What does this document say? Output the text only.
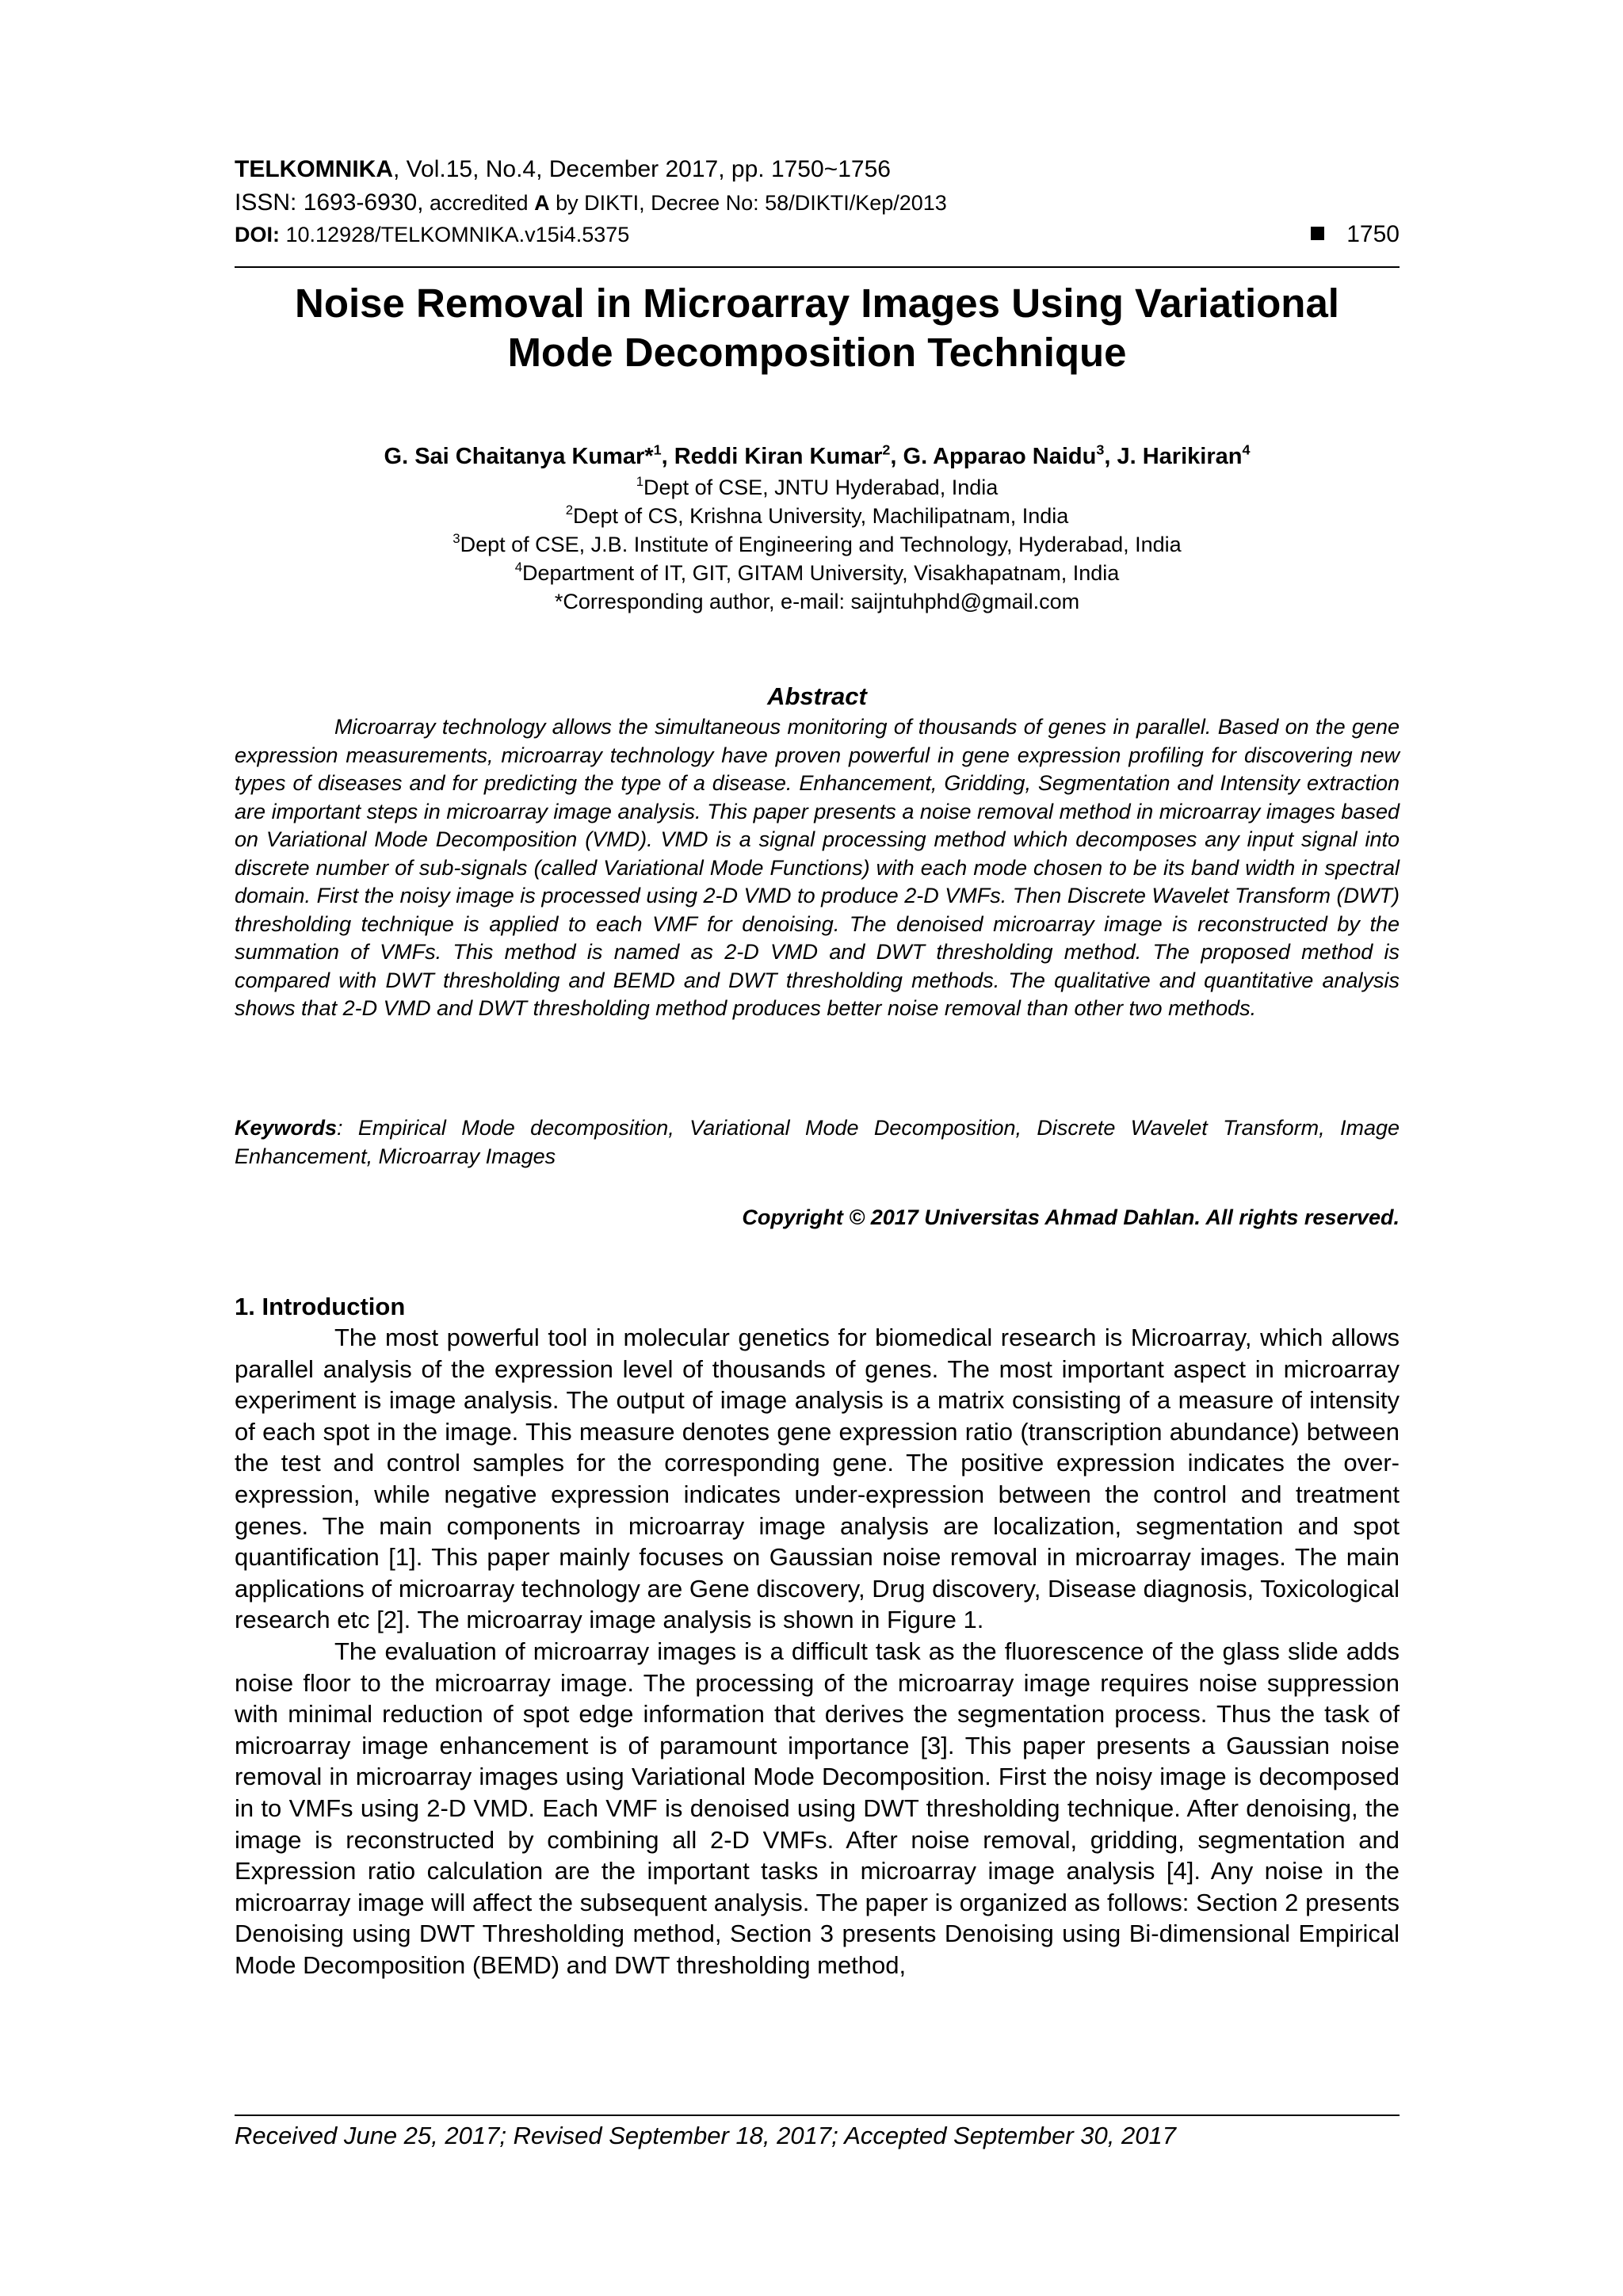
TELKOMNIKA, Vol.15, No.4, December 2017, pp. 1750~1756
ISSN: 1693-6930, accredited A by DIKTI, Decree No: 58/DIKTI/Kep/2013
DOI: 10.12928/TELKOMNIKA.v15i4.5375	1750
Noise Removal in Microarray Images Using Variational
Mode Decomposition Technique
G. Sai Chaitanya Kumar*$^1$, Reddi Kiran Kumar$^2$, G. Apparao Naidu$^3$, J. Harikiran$^4$
$^1$Dept of CSE, JNTU Hyderabad, India
$^2$Dept of CS, Krishna University, Machilipatnam, India
$^3$Dept of CSE, J.B. Institute of Engineering and Technology, Hyderabad, India
$^4$Department of IT, GIT, GITAM University, Visakhapatnam, India
*Corresponding author, e-mail: saijntuhphd@gmail.com
Abstract

Microarray technology allows the simultaneous monitoring of thousands of genes in parallel. Based on the gene expression measurements, microarray technology have proven powerful in gene expression profiling for discovering new types of diseases and for predicting the type of a disease. Enhancement, Gridding, Segmentation and Intensity extraction are important steps in microarray image analysis. This paper presents a noise removal method in microarray images based on Variational Mode Decomposition (VMD). VMD is a signal processing method which decomposes any input signal into discrete number of sub-signals (called Variational Mode Functions) with each mode chosen to be its band width in spectral domain. First the noisy image is processed using 2-D VMD to produce 2-D VMFs. Then Discrete Wavelet Transform (DWT) thresholding technique is applied to each VMF for denoising. The denoised microarray image is reconstructed by the summation of VMFs. This method is named as 2-D VMD and DWT thresholding method. The proposed method is compared with DWT thresholding and BEMD and DWT thresholding methods. The qualitative and quantitative analysis shows that 2-D VMD and DWT thresholding method produces better noise removal than other two methods.

Keywords: Empirical Mode decomposition, Variational Mode Decomposition, Discrete Wavelet Transform, Image Enhancement, Microarray Images

Copyright © 2017 Universitas Ahmad Dahlan. All rights reserved.
1. Introduction

The most powerful tool in molecular genetics for biomedical research is Microarray, which allows parallel analysis of the expression level of thousands of genes. The most important aspect in microarray experiment is image analysis. The output of image analysis is a matrix consisting of a measure of intensity of each spot in the image. This measure denotes gene expression ratio (transcription abundance) between the test and control samples for the corresponding gene. The positive expression indicates the over-expression, while negative expression indicates under-expression between the control and treatment genes. The main components in microarray image analysis are localization, segmentation and spot quantification [1]. This paper mainly focuses on Gaussian noise removal in microarray images. The main applications of microarray technology are Gene discovery, Drug discovery, Disease diagnosis, Toxicological research etc [2]. The microarray image analysis is shown in Figure 1.

The evaluation of microarray images is a difficult task as the fluorescence of the glass slide adds noise floor to the microarray image. The processing of the microarray image requires noise suppression with minimal reduction of spot edge information that derives the segmentation process. Thus the task of microarray image enhancement is of paramount importance [3]. This paper presents a Gaussian noise removal in microarray images using Variational Mode Decomposition. First the noisy image is decomposed in to VMFs using 2-D VMD. Each VMF is denoised using DWT thresholding technique. After denoising, the image is reconstructed by combining all 2-D VMFs. After noise removal, gridding, segmentation and Expression ratio calculation are the important tasks in microarray image analysis [4]. Any noise in the microarray image will affect the subsequent analysis. The paper is organized as follows: Section 2 presents Denoising using DWT Thresholding method, Section 3 presents Denoising using Bi-dimensional Empirical Mode Decomposition (BEMD) and DWT thresholding method,

Received June 25, 2017; Revised September 18, 2017; Accepted September 30, 2017
